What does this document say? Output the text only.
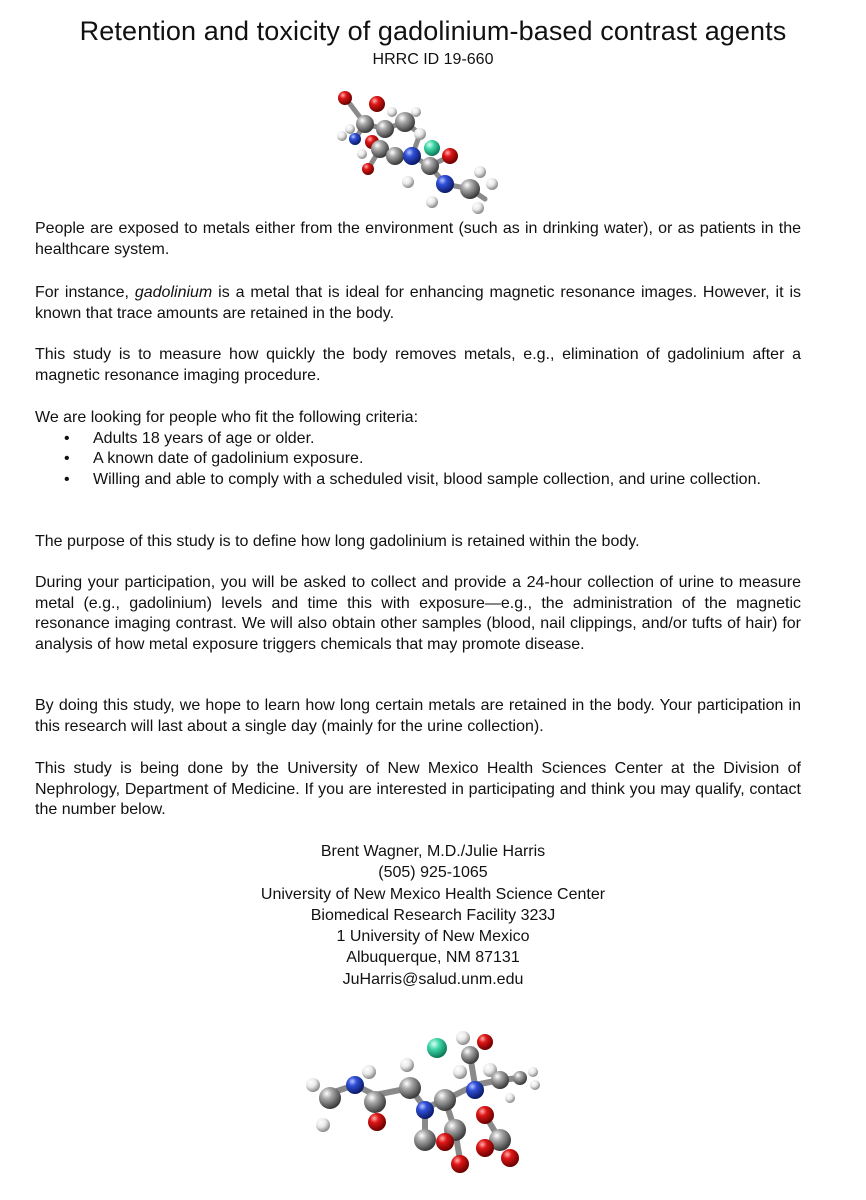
Retention and toxicity of gadolinium-based contrast agents
HRRC ID 19-660

People are exposed to metals either from the environment (such as in drinking water), or as patients in the healthcare system.

For instance, gadolinium is a metal that is ideal for enhancing magnetic resonance images. However, it is known that trace amounts are retained in the body.

This study is to measure how quickly the body removes metals, e.g., elimination of gadolinium after a magnetic resonance imaging procedure.

We are looking for people who fit the following criteria:

• Adults 18 years of age or older.
• A known date of gadolinium exposure.
• Willing and able to comply with a scheduled visit, blood sample collection, and urine collection.

The purpose of this study is to define how long gadolinium is retained within the body.

During your participation, you will be asked to collect and provide a 24-hour collection of urine to measure metal (e.g., gadolinium) levels and time this with exposure—e.g., the administration of the magnetic resonance imaging contrast. We will also obtain other samples (blood, nail clippings, and/or tufts of hair) for analysis of how metal exposure triggers chemicals that may promote disease.

By doing this study, we hope to learn how long certain metals are retained in the body. Your participation in this research will last about a single day (mainly for the urine collection).

This study is being done by the University of New Mexico Health Sciences Center at the Division of Nephrology, Department of Medicine. If you are interested in participating and think you may qualify, contact the number below.

Brent Wagner, M.D./Julie Harris
(505) 925-1065
University of New Mexico Health Science Center
Biomedical Research Facility 323J
1 University of New Mexico
Albuquerque, NM 87131
JuHarris@salud.unm.edu
